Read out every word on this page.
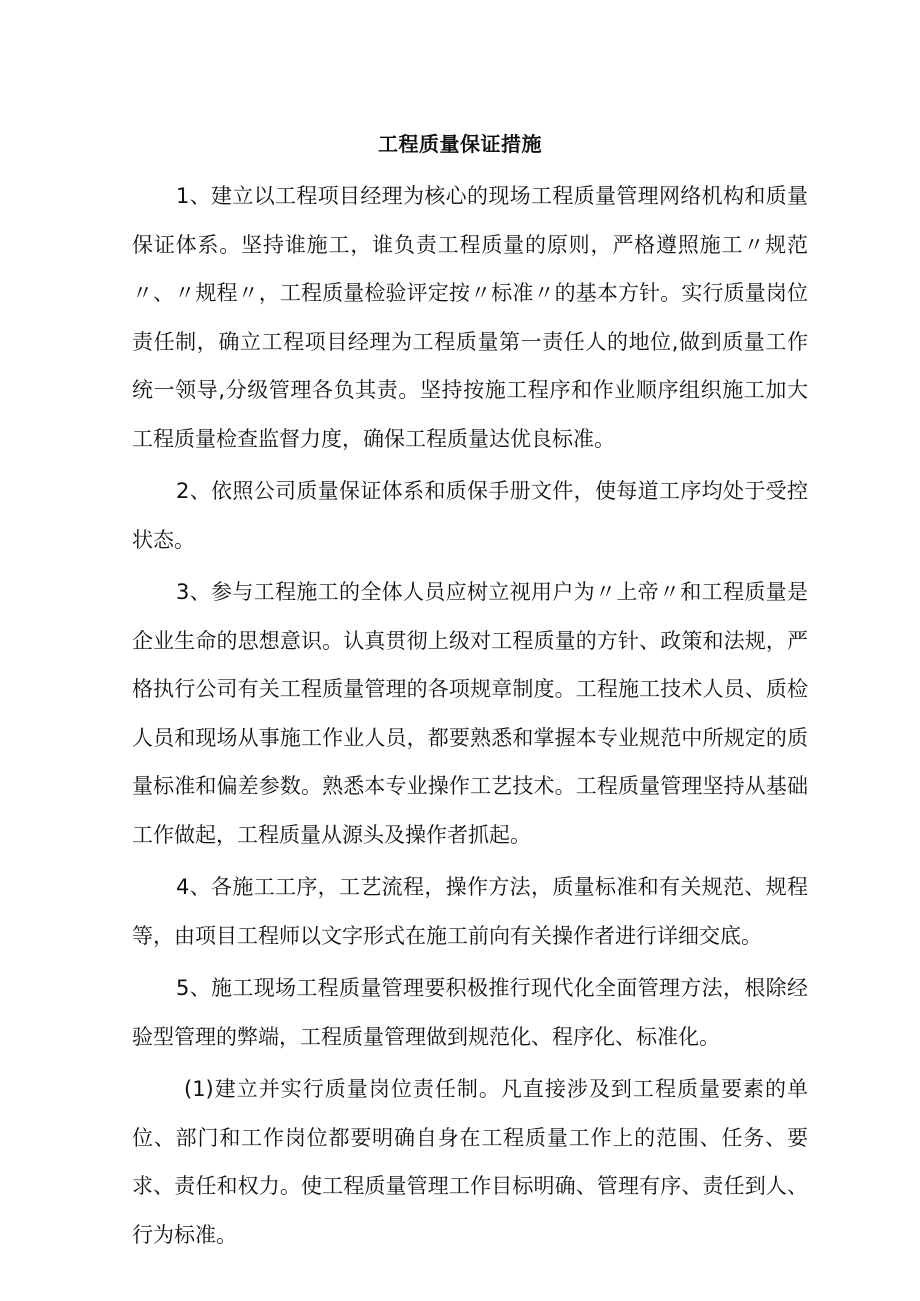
工程质量保证措施

1、建立以工程项目经理为核心的现场工程质量管理网络机构和质量保证体系。坚持谁施工，谁负责工程质量的原则，严格遵照施工〃规范〃、〃规程〃，工程质量检验评定按〃标准〃的基本方针。实行质量岗位责任制，确立工程项目经理为工程质量第一责任人的地位,做到质量工作统一领导,分级管理各负其责。坚持按施工程序和作业顺序组织施工加大工程质量检查监督力度，确保工程质量达优良标准。

2、依照公司质量保证体系和质保手册文件，使每道工序均处于受控状态。

3、参与工程施工的全体人员应树立视用户为〃上帝〃和工程质量是企业生命的思想意识。认真贯彻上级对工程质量的方针、政策和法规，严格执行公司有关工程质量管理的各项规章制度。工程施工技术人员、质检人员和现场从事施工作业人员，都要熟悉和掌握本专业规范中所规定的质量标准和偏差参数。熟悉本专业操作工艺技术。工程质量管理坚持从基础工作做起，工程质量从源头及操作者抓起。

4、各施工工序，工艺流程，操作方法，质量标准和有关规范、规程等，由项目工程师以文字形式在施工前向有关操作者进行详细交底。

5、施工现场工程质量管理要积极推行现代化全面管理方法，根除经验型管理的弊端，工程质量管理做到规范化、程序化、标准化。

(1)建立并实行质量岗位责任制。凡直接涉及到工程质量要素的单位、部门和工作岗位都要明确自身在工程质量工作上的范围、任务、要求、责任和权力。使工程质量管理工作目标明确、管理有序、责任到人、行为标准。
